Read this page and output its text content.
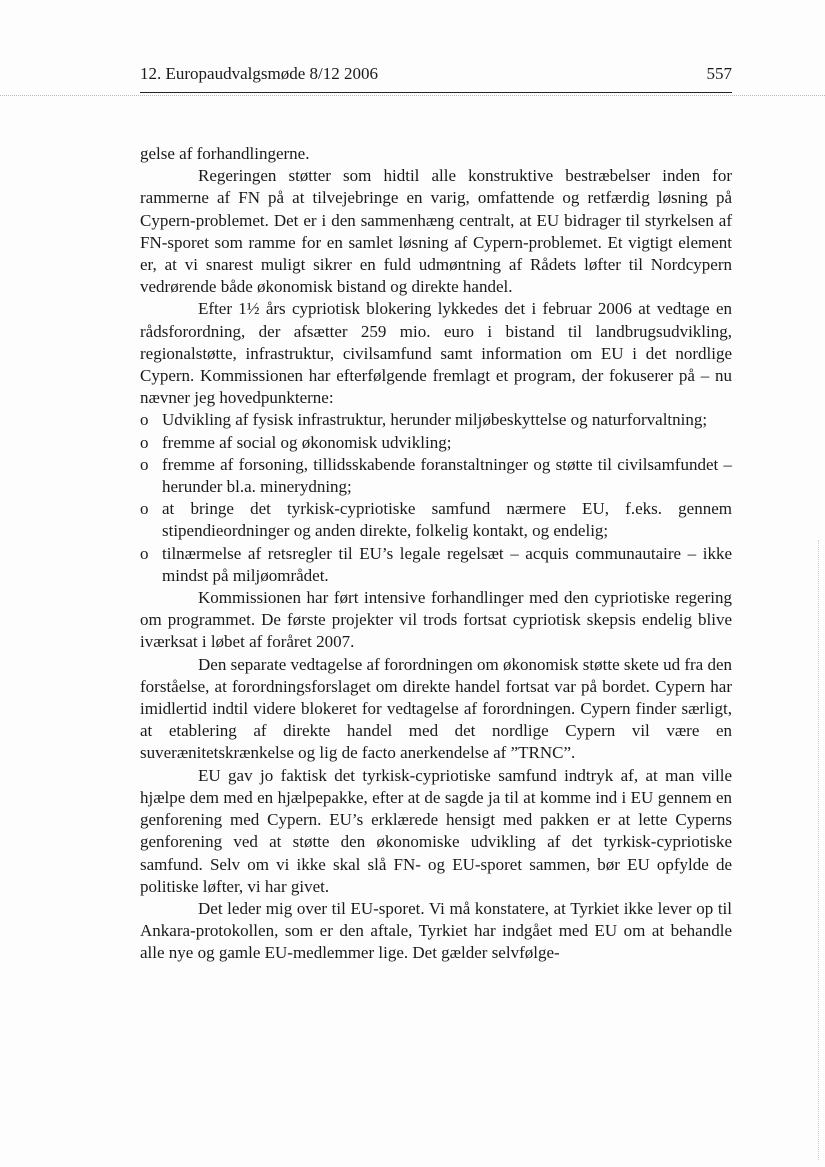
12. Europaudvalgsmøde 8/12 2006	557

gelse af forhandlingerne.

Regeringen støtter som hidtil alle konstruktive bestræbelser inden for rammerne af FN på at tilvejebringe en varig, omfattende og retfærdig løsning på Cypern-problemet. Det er i den sammenhæng centralt, at EU bidrager til styrkelsen af FN-sporet som ramme for en samlet løsning af Cypern-problemet. Et vigtigt element er, at vi snarest muligt sikrer en fuld udmøntning af Rådets løfter til Nordcypern vedrørende både økonomisk bistand og direkte handel.

Efter 1½ års cypriotisk blokering lykkedes det i februar 2006 at vedtage en rådsforordning, der afsætter 259 mio. euro i bistand til landbrugsudvikling, regionalstøtte, infrastruktur, civilsamfund samt information om EU i det nordlige Cypern. Kommissionen har efterfølgende fremlagt et program, der fokuserer på – nu nævner jeg hovedpunkterne:

o Udvikling af fysisk infrastruktur, herunder miljøbeskyttelse og naturforvaltning;
o fremme af social og økonomisk udvikling;
o fremme af forsoning, tillidsskabende foranstaltninger og støtte til civilsamfundet – herunder bl.a. minerydning;
o at bringe det tyrkisk-cypriotiske samfund nærmere EU, f.eks. gennem stipendieordninger og anden direkte, folkelig kontakt, og endelig;
o tilnærmelse af retsregler til EU’s legale regelsæt – acquis communautaire – ikke mindst på miljøområdet.

Kommissionen har ført intensive forhandlinger med den cypriotiske regering om programmet. De første projekter vil trods fortsat cypriotisk skepsis endelig blive iværksat i løbet af foråret 2007.

Den separate vedtagelse af forordningen om økonomisk støtte skete ud fra den forståelse, at forordningsforslaget om direkte handel fortsat var på bordet. Cypern har imidlertid indtil videre blokeret for vedtagelse af forordningen. Cypern finder særligt, at etablering af direkte handel med det nordlige Cypern vil være en suverænitetskrænkelse og lig de facto anerkendelse af ”TRNC”.

EU gav jo faktisk det tyrkisk-cypriotiske samfund indtryk af, at man ville hjælpe dem med en hjælpepakke, efter at de sagde ja til at komme ind i EU gennem en genforening med Cypern. EU’s erklærede hensigt med pakken er at lette Cyperns genforening ved at støtte den økonomiske udvikling af det tyrkisk-cypriotiske samfund. Selv om vi ikke skal slå FN- og EU-sporet sammen, bør EU opfylde de politiske løfter, vi har givet.

Det leder mig over til EU-sporet. Vi må konstatere, at Tyrkiet ikke lever op til Ankara-protokollen, som er den aftale, Tyrkiet har indgået med EU om at behandle alle nye og gamle EU-medlemmer lige. Det gælder selvfølge-
